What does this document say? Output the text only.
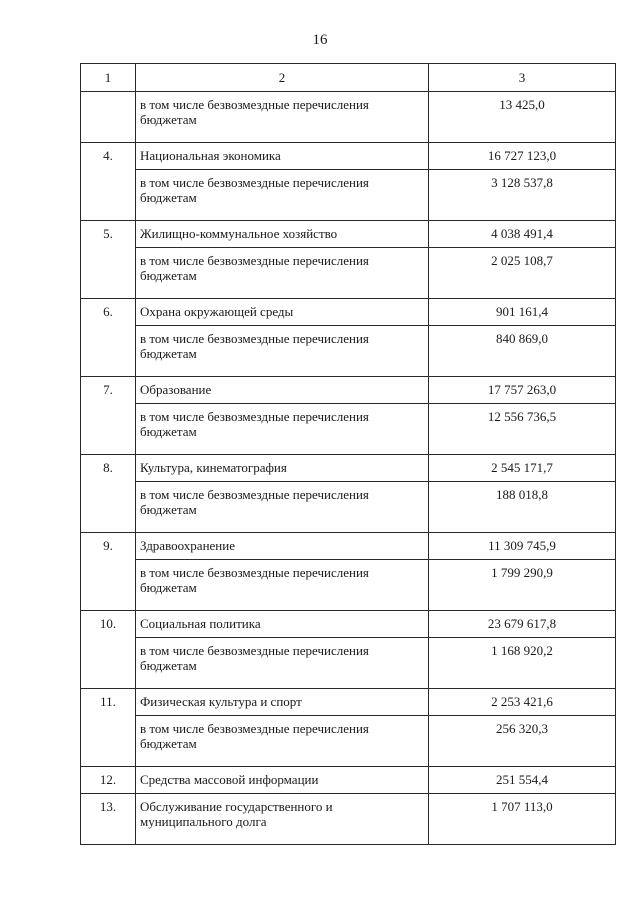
16
1	2	3
	в том числе безвозмездные перечисления бюджетам	13 425,0
4.	Национальная экономика	16 727 123,0
	в том числе безвозмездные перечисления бюджетам	3 128 537,8
5.	Жилищно-коммунальное хозяйство	4 038 491,4
	в том числе безвозмездные перечисления бюджетам	2 025 108,7
6.	Охрана окружающей среды	901 161,4
	в том числе безвозмездные перечисления бюджетам	840 869,0
7.	Образование	17 757 263,0
	в том числе безвозмездные перечисления бюджетам	12 556 736,5
8.	Культура, кинематография	2 545 171,7
	в том числе безвозмездные перечисления бюджетам	188 018,8
9.	Здравоохранение	11 309 745,9
	в том числе безвозмездные перечисления бюджетам	1 799 290,9
10.	Социальная политика	23 679 617,8
	в том числе безвозмездные перечисления бюджетам	1 168 920,2
11.	Физическая культура и спорт	2 253 421,6
	в том числе безвозмездные перечисления бюджетам	256 320,3
12.	Средства массовой информации	251 554,4
13.	Обслуживание государственного и муниципального долга	1 707 113,0
